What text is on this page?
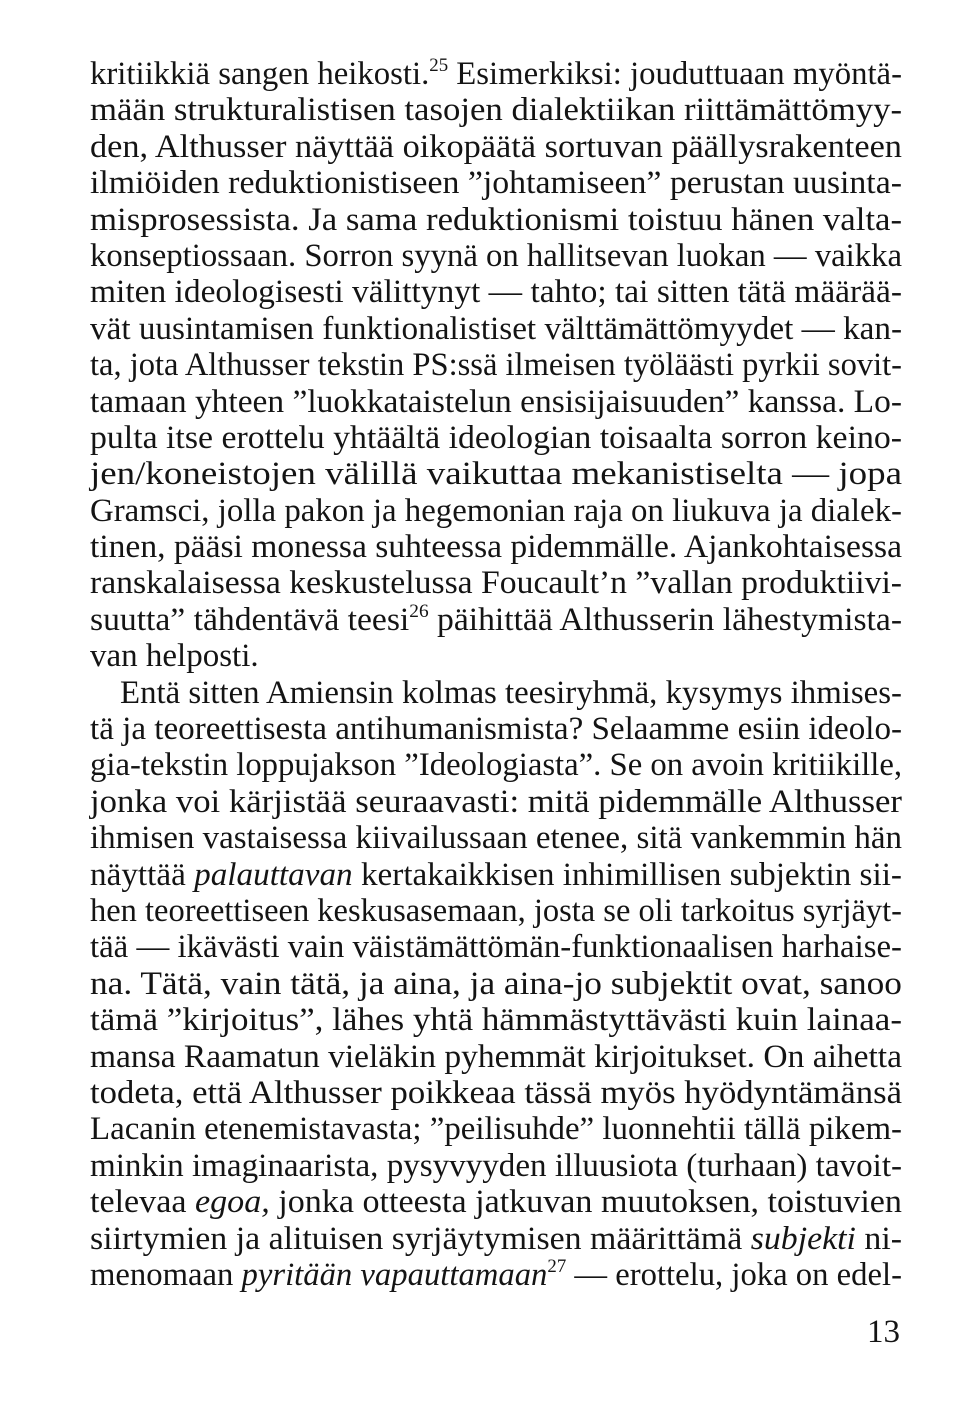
kritiikkiä sangen heikosti.$^{25}$ Esimerkiksi: jouduttuaan myöntä-
mään strukturalistisen tasojen dialektiikan riittämättömyy-
den, Althusser näyttää oikopäätä sortuvan päällysrakenteen
ilmiöiden reduktionistiseen ”johtamiseen” perustan uusinta-
misprosessista. Ja sama reduktionismi toistuu hänen valta-
konseptiossaan. Sorron syynä on hallitsevan luokan — vaikka
miten ideologisesti välittynyt — tahto; tai sitten tätä määrää-
vät uusintamisen funktionalistiset välttämättömyydet — kan-
ta, jota Althusser tekstin PS:ssä ilmeisen työläästi pyrkii sovit-
tamaan yhteen ”luokkataistelun ensisijaisuuden” kanssa. Lo-
pulta itse erottelu yhtäältä ideologian toisaalta sorron keino-
jen/koneistojen välillä vaikuttaa mekanistiselta — jopa
Gramsci, jolla pakon ja hegemonian raja on liukuva ja dialek-
tinen, pääsi monessa suhteessa pidemmälle. Ajankohtaisessa
ranskalaisessa keskustelussa Foucault’n ”vallan produktiivi-
suutta” tähdentävä teesi$^{26}$ päihittää Althusserin lähestymista-
van helposti.
Entä sitten Amiensin kolmas teesiryhmä, kysymys ihmises-
tä ja teoreettisesta antihumanismista? Selaamme esiin ideolo-
gia-tekstin loppujakson ”Ideologiasta”. Se on avoin kritiikille,
jonka voi kärjistää seuraavasti: mitä pidemmälle Althusser
ihmisen vastaisessa kiivailussaan etenee, sitä vankemmin hän
näyttää palauttavan kertakaikkisen inhimillisen subjektin sii-
hen teoreettiseen keskusasemaan, josta se oli tarkoitus syrjäyt-
tää — ikävästi vain väistämättömän-funktionaalisen harhaise-
na. Tätä, vain tätä, ja aina, ja aina-jo subjektit ovat, sanoo
tämä ”kirjoitus”, lähes yhtä hämmästyttävästi kuin lainaa-
mansa Raamatun vieläkin pyhemmät kirjoitukset. On aihetta
todeta, että Althusser poikkeaa tässä myös hyödyntämänsä
Lacanin etenemistavasta; ”peilisuhde” luonnehtii tällä pikem-
minkin imaginaarista, pysyvyyden illuusiota (turhaan) tavoit-
televaa egoa, jonka otteesta jatkuvan muutoksen, toistuvien
siirtymien ja alituisen syrjäytymisen määrittämä subjekti ni-
menomaan pyritään vapauttamaan$^{27}$ — erottelu, joka on edel-
13
